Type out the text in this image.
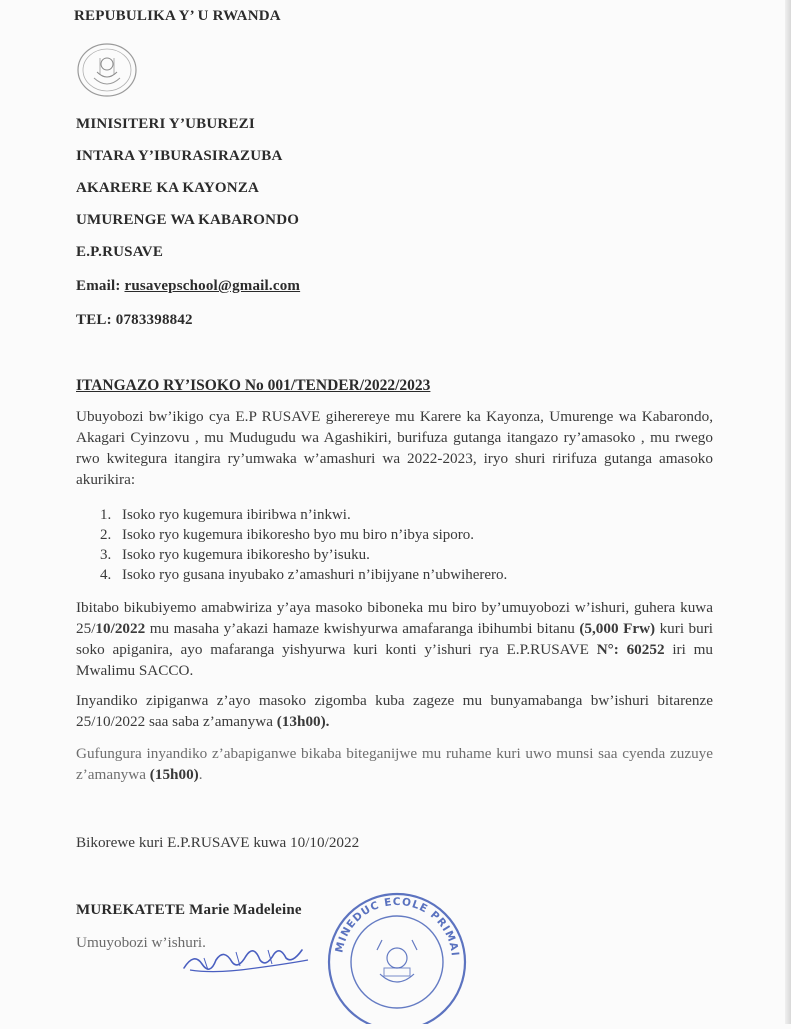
REPUBULIKA Y’ U RWANDA
MINISITERI Y’UBUREZI
INTARA Y’IBURASIRAZUBA
AKARERE KA KAYONZA
UMURENGE WA KABARONDO
E.P.RUSAVE
Email: rusavepschool@gmail.com
TEL: 0783398842
ITANGAZO RY’ISOKO No 001/TENDER/2022/2023
Ubuyobozi bw’ikigo cya E.P RUSAVE giherereye mu Karere ka Kayonza, Umurenge wa Kabarondo, Akagari Cyinzovu , mu Mudugudu wa Agashikiri, burifuza gutanga itangazo ry’amasoko , mu rwego rwo kwitegura itangira ry’umwaka w’amashuri wa 2022-2023, iryo shuri ririfuza gutanga amasoko akurikira:
1. Isoko ryo kugemura ibiribwa n’inkwi.
2. Isoko ryo kugemura ibikoresho byo mu biro n’ibya siporo.
3. Isoko ryo kugemura ibikoresho by’isuku.
4. Isoko ryo gusana inyubako z’amashuri n’ibijyane n’ubwiherero.
Ibitabo bikubiyemo amabwiriza y’aya masoko biboneka mu biro by’umuyobozi w’ishuri, guhera kuwa 25/10/2022 mu masaha y’akazi hamaze kwishyurwa amafaranga ibihumbi bitanu (5,000 Frw) kuri buri soko apiganira, ayo mafaranga yishyurwa kuri konti y’ishuri rya E.P.RUSAVE N°: 60252 iri mu Mwalimu SACCO.
Inyandiko zipiganwa z’ayo masoko zigomba kuba zageze mu bunyamabanga bw’ishuri bitarenze 25/10/2022 saa saba z’amanywa (13h00).
Gufungura inyandiko z’abapiganwe bikaba biteganijwe mu ruhame kuri uwo munsi saa cyenda zuzuye z’amanywa (15h00).
Bikorewe kuri E.P.RUSAVE kuwa 10/10/2022
MUREKATETE Marie Madeleine
Umuyobozi w’ishuri.	MINEDUC ECOLE PRIMAI
